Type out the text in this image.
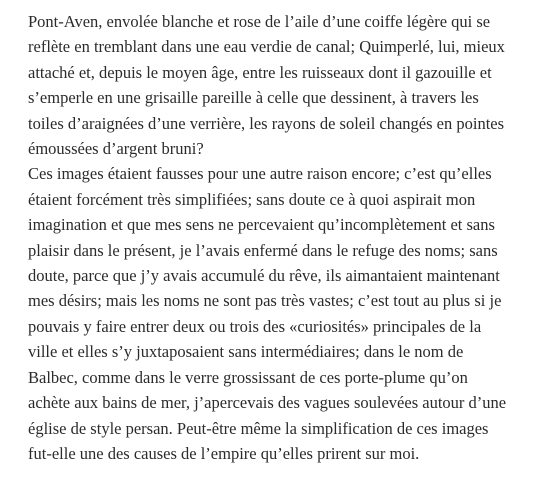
Pont-Aven, envolée blanche et rose de l’aile d’une coiffe légère qui se
reflète en tremblant dans une eau verdie de canal; Quimperlé, lui, mieux
attaché et, depuis le moyen âge, entre les ruisseaux dont il gazouille et
s’emperle en une grisaille pareille à celle que dessinent, à travers les
toiles d’araignées d’une verrière, les rayons de soleil changés en pointes
émoussées d’argent bruni?

Ces images étaient fausses pour une autre raison encore; c’est qu’elles
étaient forcément très simplifiées; sans doute ce à quoi aspirait mon
imagination et que mes sens ne percevaient qu’incomplètement et sans
plaisir dans le présent, je l’avais enfermé dans le refuge des noms; sans
doute, parce que j’y avais accumulé du rêve, ils aimantaient maintenant
mes désirs; mais les noms ne sont pas très vastes; c’est tout au plus si je
pouvais y faire entrer deux ou trois des «curiosités» principales de la
ville et elles s’y juxtaposaient sans intermédiaires; dans le nom de
Balbec, comme dans le verre grossissant de ces porte-plume qu’on
achète aux bains de mer, j’apercevais des vagues soulevées autour d’une
église de style persan. Peut-être même la simplification de ces images
fut-elle une des causes de l’empire qu’elles prirent sur moi.
